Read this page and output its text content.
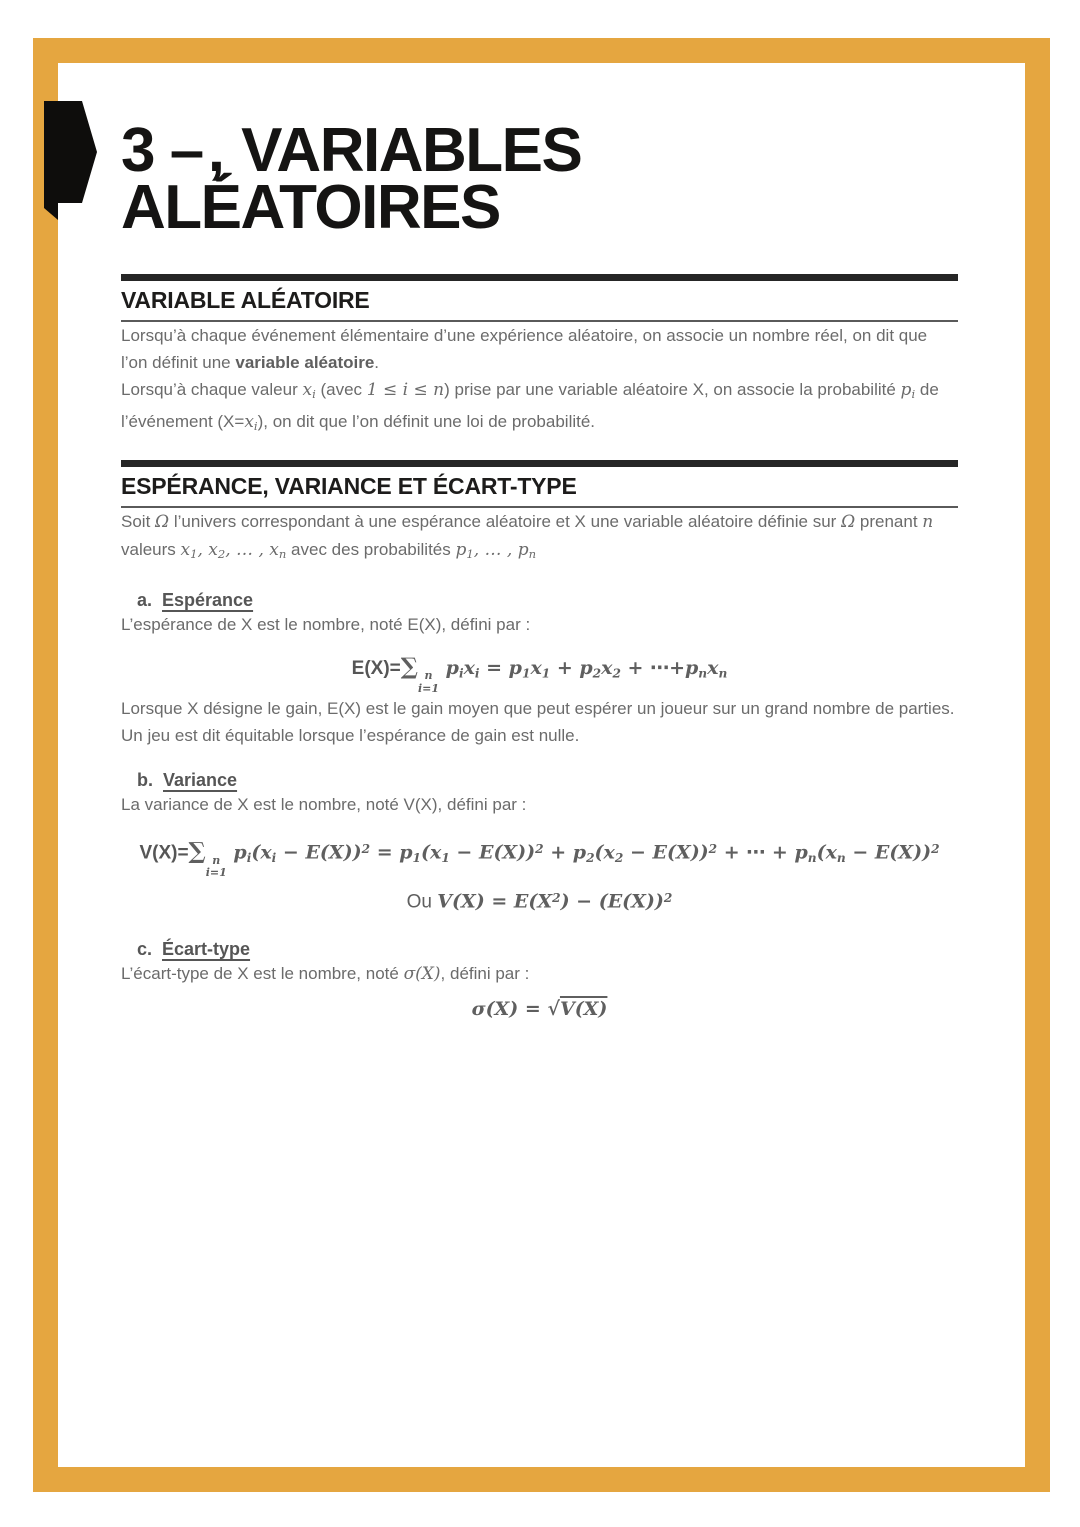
3 –, VARIABLES
ALÉATOIRES
VARIABLE ALÉATOIRE

Lorsqu’à chaque événement élémentaire d’une expérience aléatoire, on associe un nombre réel, on dit que l’on définit une variable aléatoire.

Lorsqu’à chaque valeur xi (avec 1 ≤ i ≤ n) prise par une variable aléatoire X, on associe la probabilité pi de l’événement (X=xi), on dit que l’on définit une loi de probabilité.

ESPÉRANCE, VARIANCE ET ÉCART-TYPE

Soit Ω l’univers correspondant à une espérance aléatoire et X une variable aléatoire définie sur Ω prenant n valeurs x1, x2, … , xn avec des probabilités p1, … , pn

a. Espérance

L’espérance de X est le nombre, noté E(X), défini par :

E(X)=∑ n
i=1
pixi = p1x1 + p2x2 + ⋯+pnxn

Lorsque X désigne le gain, E(X) est le gain moyen que peut espérer un joueur sur un grand nombre de parties. Un jeu est dit équitable lorsque l’espérance de gain est nulle.

b. Variance

La variance de X est le nombre, noté V(X), défini par :

V(X)=∑ n
i=1
$pi(xi - E(X))^2 = p1(x1 - E(X))^2 + p2(x2 - E(X))^2$ + ⋯ + pn(xn − E(X))$^2$
Ou $V(X) = E(X^2) - (E(X))^2$
c. Écart-type

L’écart-type de X est le nombre, noté σ(X), défini par :

σ(X) = √V(X)
